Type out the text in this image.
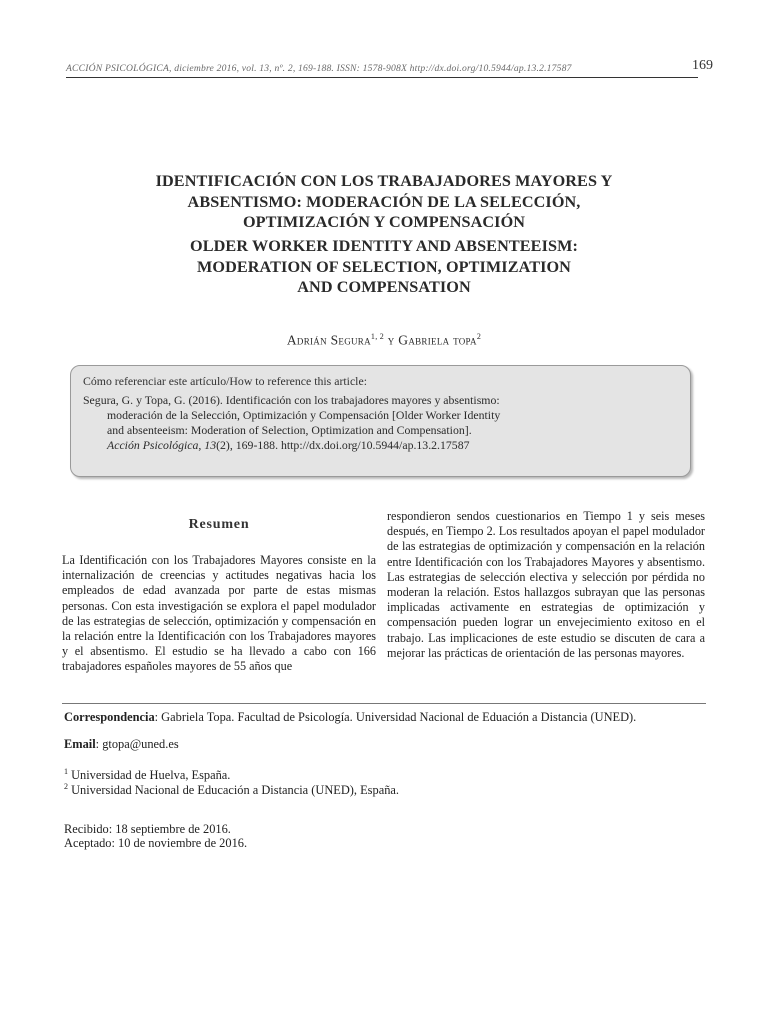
ACCIÓN PSICOLÓGICA, diciembre 2016, vol. 13, nº. 2, 169-188. ISSN: 1578-908X http://dx.doi.org/10.5944/ap.13.2.17587	169
IDENTIFICACIÓN CON LOS TRABAJADORES MAYORES Y
ABSENTISMO: MODERACIÓN DE LA SELECCIÓN,
OPTIMIZACIÓN Y COMPENSACIÓN
OLDER WORKER IDENTITY AND ABSENTEEISM:
MODERATION OF SELECTION, OPTIMIZATION
AND COMPENSATION
Adrián Segura$^{1, 2}$ y Gabriela topa$^2$
Cómo referenciar este artículo/How to reference this article:
Segura, G. y Topa, G. (2016). Identificación con los trabajadores mayores y absentismo:
moderación de la Selección, Optimización y Compensación [Older Worker Identity
and absenteeism: Moderation of Selection, Optimization and Compensation].
Acción Psicológica, 13(2), 169-188. http://dx.doi.org/10.5944/ap.13.2.17587
Resumen

La Identificación con los Trabajadores Mayores consiste en la internalización de creencias y actitudes negativas hacia los empleados de edad avanzada por parte de estas mismas personas. Con esta investigación se explora el papel modulador de las estrategias de selección, optimización y compensación en la relación entre la Identificación con los Trabajadores mayores y el absentismo. El estudio se ha llevado a cabo con 166 trabajadores españoles mayores de 55 años que

respondieron sendos cuestionarios en Tiempo 1 y seis meses después, en Tiempo 2. Los resultados apoyan el papel modulador de las estrategias de optimización y compensación en la relación entre Identificación con los Trabajadores Mayores y absentismo. Las estrategias de selección electiva y selección por pérdida no moderan la relación. Estos hallazgos subrayan que las personas implicadas activamente en estrategias de optimización y compensación pueden lograr un envejecimiento exitoso en el trabajo. Las implicaciones de este estudio se discuten de cara a mejorar las prácticas de orientación de las personas mayores.

Correspondencia: Gabriela Topa. Facultad de Psicología. Universidad Nacional de Eduación a Distancia (UNED).
Email: gtopa@uned.es
$^1$ Universidad de Huelva, España.
$^2$ Universidad Nacional de Educación a Distancia (UNED), España.
Recibido: 18 septiembre de 2016.
Aceptado: 10 de noviembre de 2016.
